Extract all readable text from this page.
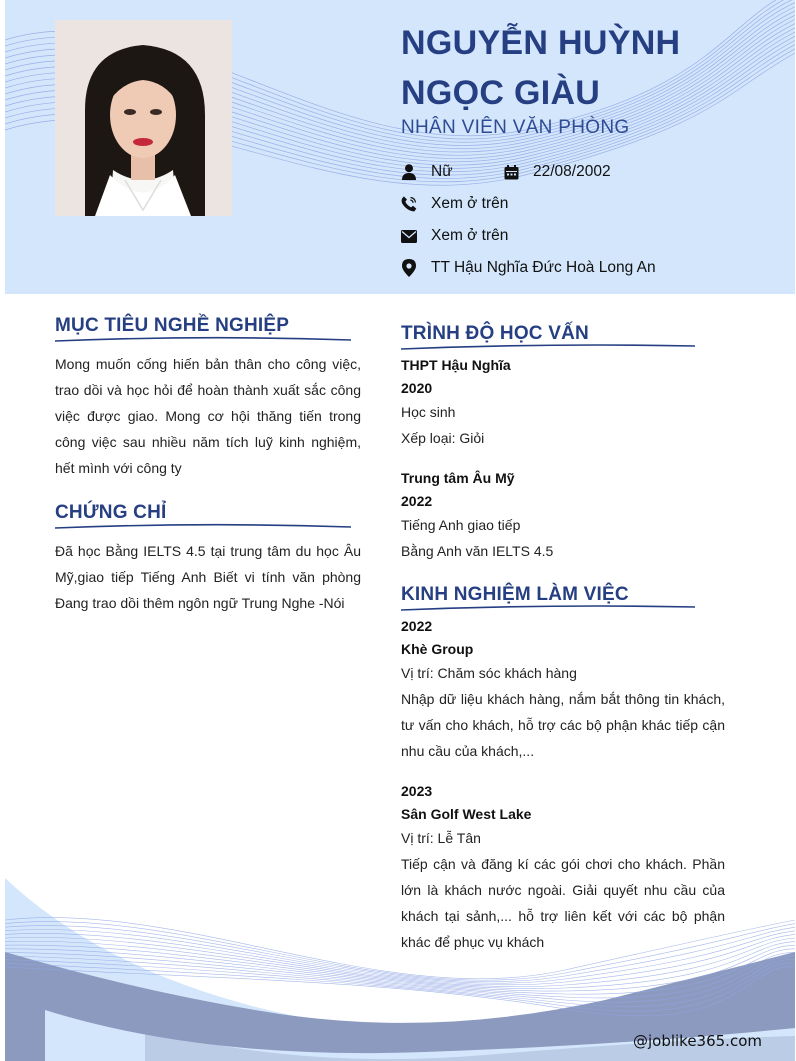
NGUYỄN HUỲNH
NGỌC GIÀU
NHÂN VIÊN VĂN PHÒNG
Nữ	22/08/2002
Xem ở trên
Xem ở trên
TT Hậu Nghĩa Đức Hoà Long An
MỤC TIÊU NGHỀ NGHIỆP
Mong muốn cống hiến bản thân cho công việc, trao dồi và học hỏi để hoàn thành xuất sắc công việc được giao. Mong cơ hội thăng tiến trong công việc sau nhiều năm tích luỹ kinh nghiệm, hết mình với công ty
CHỨNG CHỈ
Đã học Bằng IELTS 4.5 tại trung tâm du học Âu Mỹ,giao tiếp Tiếng Anh Biết vi tính văn phòng Đang trao dồi thêm ngôn ngữ Trung Nghe -Nói
TRÌNH ĐỘ HỌC VẤN
THPT Hậu Nghĩa
2020
Học sinh
Xếp loại: Giỏi
Trung tâm Âu Mỹ
2022
Tiếng Anh giao tiếp
Bằng Anh văn IELTS 4.5
KINH NGHIỆM LÀM VIỆC
2022
Khè Group
Vị trí: Chăm sóc khách hàng
Nhập dữ liệu khách hàng, nắm bắt thông tin khách, tư vấn cho khách, hỗ trợ các bộ phận khác tiếp cận nhu cầu của khách,...
2023
Sân Golf West Lake
Vị trí: Lễ Tân
Tiếp cận và đăng kí các gói chơi cho khách. Phần lớn là khách nước ngoài. Giải quyết nhu cầu của khách tại sảnh,... hỗ trợ liên kết với các bộ phận khác để phục vụ khách
@joblike365.com
